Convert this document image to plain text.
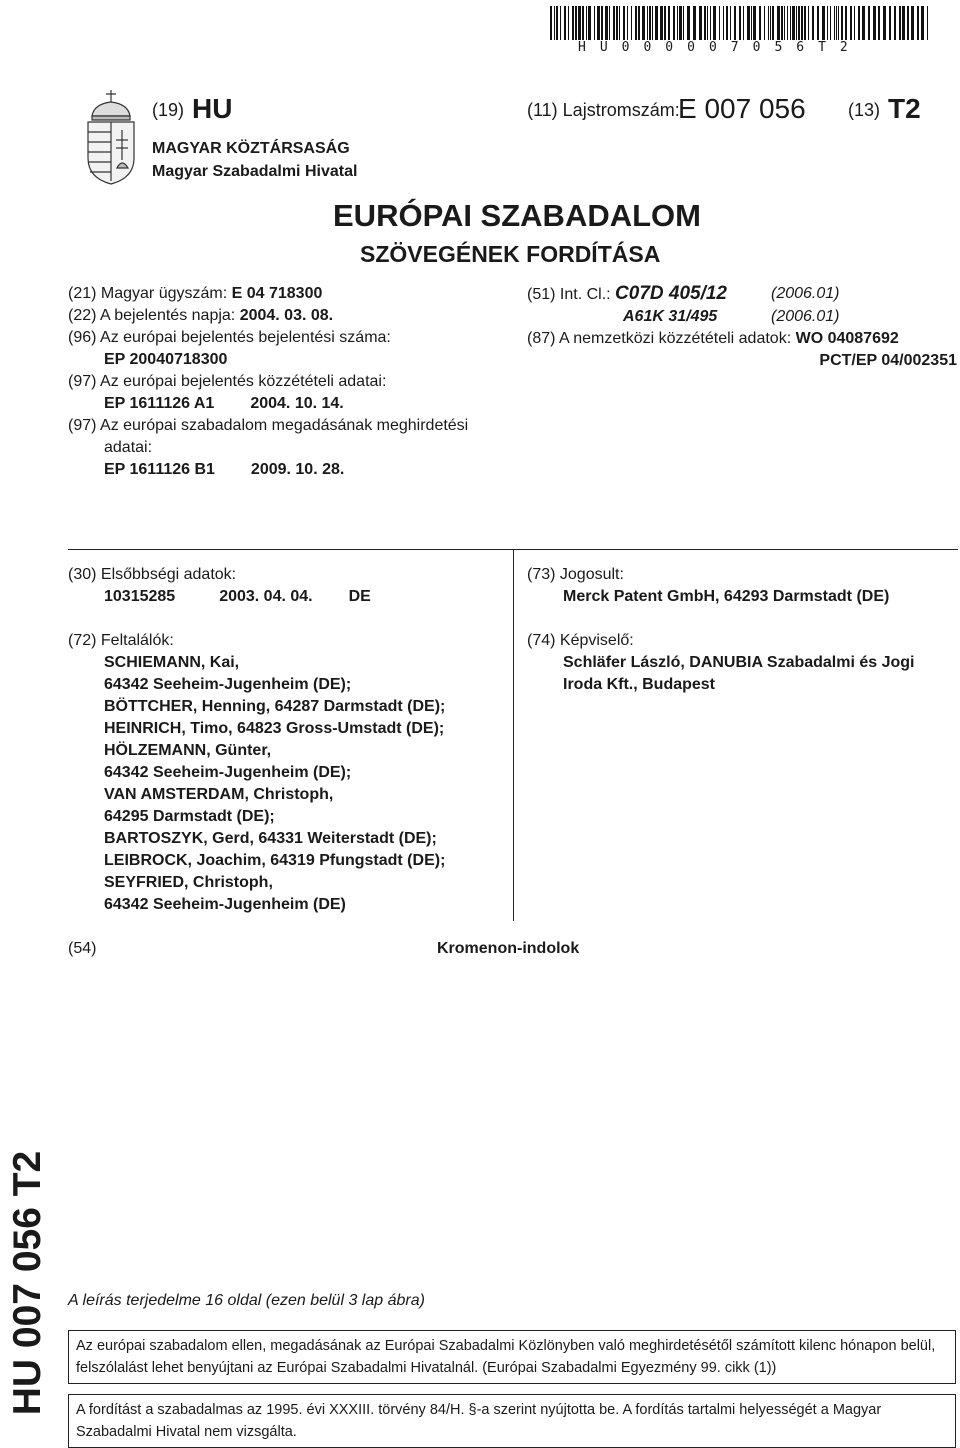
HU000007056T2
(19) HU
MAGYAR KÖZTÁRSASÁG
Magyar Szabadalmi Hivatal
(11) Lajstromszám:
E 007 056 (13) T2
EURÓPAI SZABADALOM
SZÖVEGÉNEK FORDÍTÁSA
(21) Magyar ügyszám: E 04 718300
(22) A bejelentés napja: 2004. 03. 08.
(96) Az európai bejelentés bejelentési száma:
EP 20040718300
(97) Az európai bejelentés közzétételi adatai:
EP 1611126 A1 2004. 10. 14.
(97) Az európai szabadalom megadásának meghirdetési
adatai:
EP 1611126 B1 2009. 10. 28.
(51) Int. Cl.: C07D 405/12	(2006.01)
A61K 31/495	(2006.01)

(87) A nemzetközi közzétételi adatok: WO 04087692
PCT/EP 04/002351
(30) Elsőbbségi adatok:
10315285	2003. 04. 04. DE
(72) Feltalálók:
SCHIEMANN, Kai,
64342 Seeheim-Jugenheim (DE);
BÖTTCHER, Henning, 64287 Darmstadt (DE);
HEINRICH, Timo, 64823 Gross-Umstadt (DE);
HÖLZEMANN, Günter,
64342 Seeheim-Jugenheim (DE);
VAN AMSTERDAM, Christoph,
64295 Darmstadt (DE);
BARTOSZYK, Gerd, 64331 Weiterstadt (DE);
LEIBROCK, Joachim, 64319 Pfungstadt (DE);
SEYFRIED, Christoph,
64342 Seeheim-Jugenheim (DE)
(73) Jogosult:
Merck Patent GmbH, 64293 Darmstadt (DE)
(74) Képviselő:
Schläfer László, DANUBIA Szabadalmi és Jogi
Iroda Kft., Budapest
(54)	Kromenon-indolok
HU 007 056 T2 A leírás terjedelme 16 oldal (ezen belül 3 lap ábra)
Az európai szabadalom ellen, megadásának az Európai Szabadalmi Közlönyben való meghirdetésétől számított kilenc hónapon belül, felszólalást lehet benyújtani az Európai Szabadalmi Hivatalnál. (Európai Szabadalmi Egyezmény 99. cikk (1))
A fordítást a szabadalmas az 1995. évi XXXIII. törvény 84/H. §-a szerint nyújtotta be. A fordítás tartalmi helyességét a Magyar Szabadalmi Hivatal nem vizsgálta.
